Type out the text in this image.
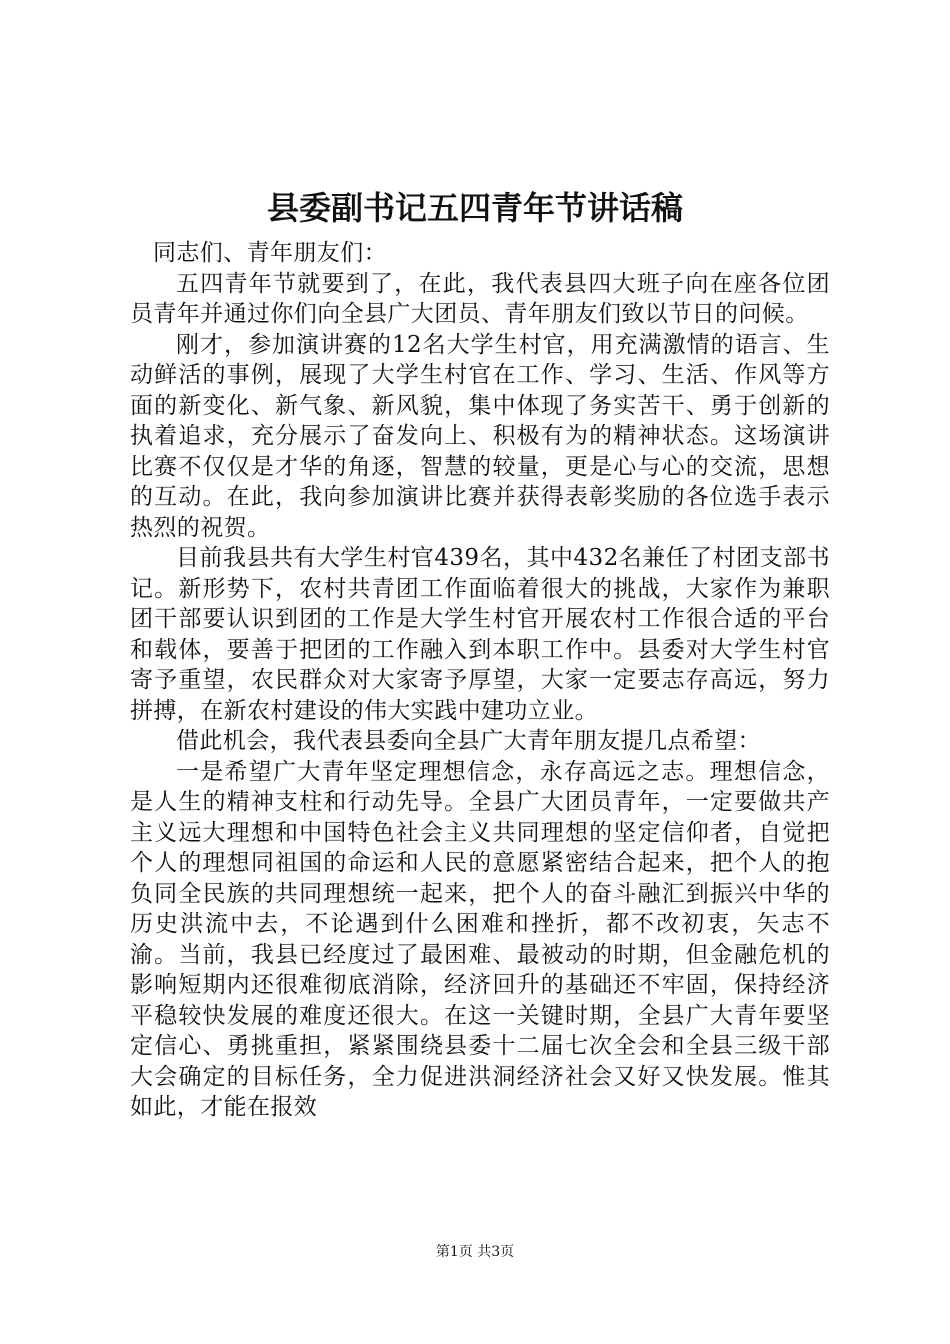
县委副书记五四青年节讲话稿

同志们、青年朋友们：

五四青年节就要到了，在此，我代表县四大班子向在座各位团员青年并通过你们向全县广大团员、青年朋友们致以节日的问候。

刚才，参加演讲赛的12名大学生村官，用充满激情的语言、生动鲜活的事例，展现了大学生村官在工作、学习、生活、作风等方面的新变化、新气象、新风貌，集中体现了务实苦干、勇于创新的执着追求，充分展示了奋发向上、积极有为的精神状态。这场演讲比赛不仅仅是才华的角逐，智慧的较量，更是心与心的交流，思想的互动。在此，我向参加演讲比赛并获得表彰奖励的各位选手表示热烈的祝贺。

目前我县共有大学生村官439名，其中432名兼任了村团支部书记。新形势下，农村共青团工作面临着很大的挑战，大家作为兼职团干部要认识到团的工作是大学生村官开展农村工作很合适的平台和载体，要善于把团的工作融入到本职工作中。县委对大学生村官寄予重望，农民群众对大家寄予厚望，大家一定要志存高远，努力拼搏，在新农村建设的伟大实践中建功立业。

借此机会，我代表县委向全县广大青年朋友提几点希望：

一是希望广大青年坚定理想信念，永存高远之志。理想信念，是人生的精神支柱和行动先导。全县广大团员青年，一定要做共产主义远大理想和中国特色社会主义共同理想的坚定信仰者，自觉把个人的理想同祖国的命运和人民的意愿紧密结合起来，把个人的抱负同全民族的共同理想统一起来，把个人的奋斗融汇到振兴中华的历史洪流中去，不论遇到什么困难和挫折，都不改初衷，矢志不渝。当前，我县已经度过了最困难、最被动的时期，但金融危机的影响短期内还很难彻底消除，经济回升的基础还不牢固，保持经济平稳较快发展的难度还很大。在这一关键时期，全县广大青年要坚定信心、勇挑重担，紧紧围绕县委十二届七次全会和全县三级干部大会确定的目标任务，全力促进洪洞经济社会又好又快发展。惟其如此，才能在报效

第1页 共3页
